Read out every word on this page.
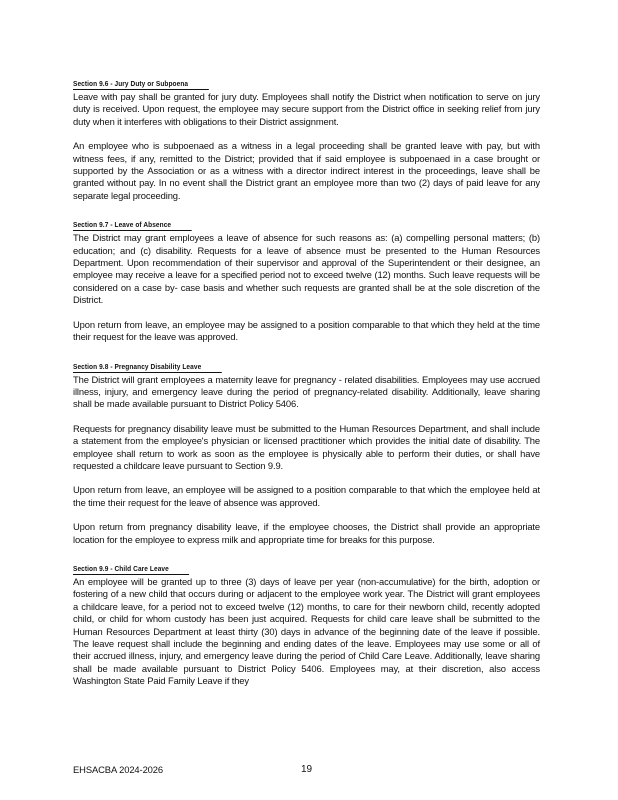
Section 9.6 - Jury Duty or Subpoena

Leave with pay shall be granted for jury duty. Employees shall notify the District when notification to serve on jury duty is received. Upon request, the employee may secure support from the District office in seeking relief from jury duty when it interferes with obligations to their District assignment.

An employee who is subpoenaed as a witness in a legal proceeding shall be granted leave with pay, but with witness fees, if any, remitted to the District; provided that if said employee is subpoenaed in a case brought or supported by the Association or as a witness with a director indirect interest in the proceedings, leave shall be granted without pay. In no event shall the District grant an employee more than two (2) days of paid leave for any separate legal proceeding.

Section 9.7 - Leave of Absence

The District may grant employees a leave of absence for such reasons as: (a) compelling personal matters; (b) education; and (c) disability. Requests for a leave of absence must be presented to the Human Resources Department. Upon recommendation of their supervisor and approval of the Superintendent or their designee, an employee may receive a leave for a specified period not to exceed twelve (12) months. Such leave requests will be considered on a case by- case basis and whether such requests are granted shall be at the sole discretion of the District.

Upon return from leave, an employee may be assigned to a position comparable to that which they held at the time their request for the leave was approved.

Section 9.8 - Pregnancy Disability Leave

The District will grant employees a maternity leave for pregnancy - related disabilities. Employees may use accrued illness, injury, and emergency leave during the period of pregnancy-related disability. Additionally, leave sharing shall be made available pursuant to District Policy 5406.

Requests for pregnancy disability leave must be submitted to the Human Resources Department, and shall include a statement from the employee's physician or licensed practitioner which provides the initial date of disability. The employee shall return to work as soon as the employee is physically able to perform their duties, or shall have requested a childcare leave pursuant to Section 9.9.

Upon return from leave, an employee will be assigned to a position comparable to that which the employee held at the time their request for the leave of absence was approved.

Upon return from pregnancy disability leave, if the employee chooses, the District shall provide an appropriate location for the employee to express milk and appropriate time for breaks for this purpose.

Section 9.9 - Child Care Leave

An employee will be granted up to three (3) days of leave per year (non-accumulative) for the birth, adoption or fostering of a new child that occurs during or adjacent to the employee work year. The District will grant employees a childcare leave, for a period not to exceed twelve (12) months, to care for their newborn child, recently adopted child, or child for whom custody has been just acquired. Requests for child care leave shall be submitted to the Human Resources Department at least thirty (30) days in advance of the beginning date of the leave if possible. The leave request shall include the beginning and ending dates of the leave. Employees may use some or all of their accrued illness, injury, and emergency leave during the period of Child Care Leave. Additionally, leave sharing shall be made available pursuant to District Policy 5406. Employees may, at their discretion, also access Washington State Paid Family Leave if they

EHSACBA 2024-2026	19
